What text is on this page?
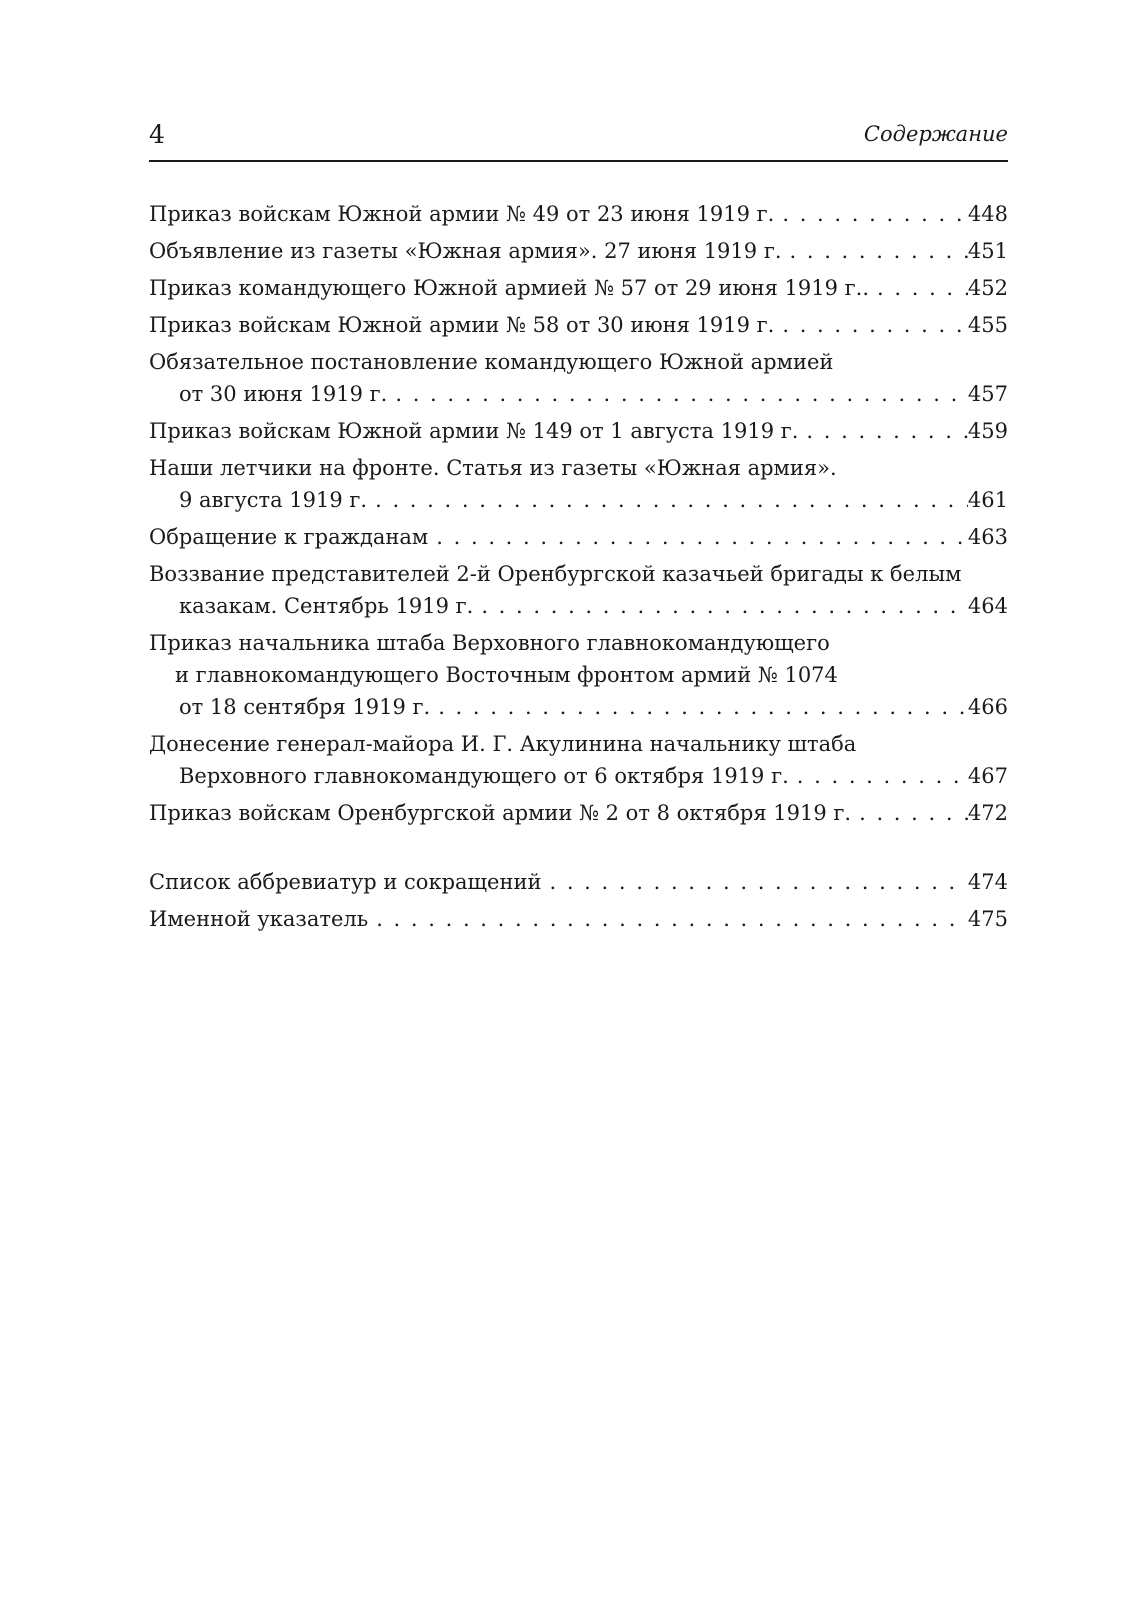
4	Содержание
Приказ войскам Южной армии № 49 от 23 июня 1919 г. . . .	448
Объявление из газеты «Южная армия». 27 июня 1919 г. . . .	451
Приказ командующего Южной армией № 57 от 29 июня 1919 г.. . . .	452
Приказ войскам Южной армии № 58 от 30 июня 1919 г. . . .	455
Обязательное постановление командующего Южной армией
от 30 июня 1919 г. . . .	457
Приказ войскам Южной армии № 149 от 1 августа 1919 г. . . .	459
Наши летчики на фронте. Статья из газеты «Южная армия».
9 августа 1919 г. . . .	461
Обращение к гражданам . . .	463
Воззвание представителей 2-й Оренбургской казачьей бригады к белым
казакам. Сентябрь 1919 г. . . .	464
Приказ начальника штаба Верховного главнокомандующего
и главнокомандующего Восточным фронтом армий № 1074
от 18 сентября 1919 г. . . .	466
Донесение генерал-майора И. Г. Акулинина начальнику штаба
Верховного главнокомандующего от 6 октября 1919 г. . . .	467
Приказ войскам Оренбургской армии № 2 от 8 октября 1919 г. . . .	472
Список аббревиатур и сокращений . . .	474
Именной указатель . . .	475
